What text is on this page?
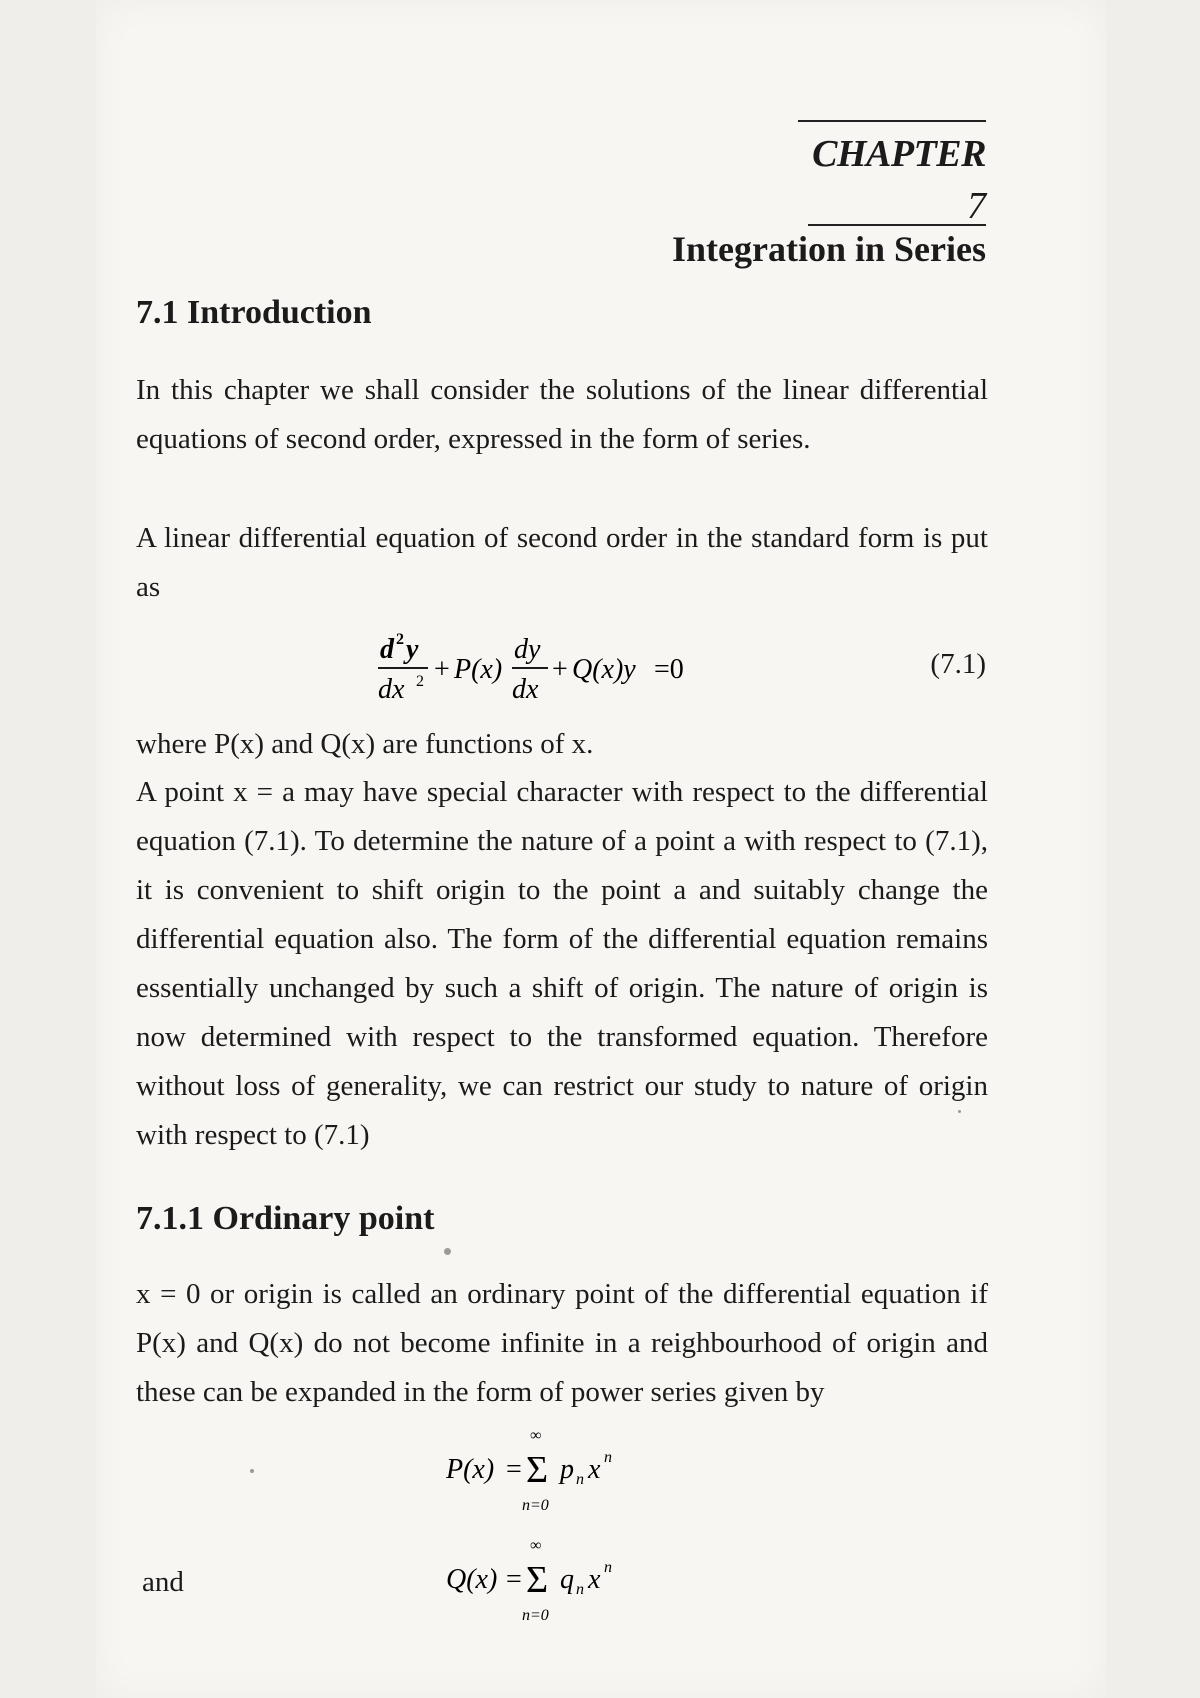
CHAPTER
7
Integration in Series
7.1 Introduction
In this chapter we shall consider the solutions of the linear differential equations of second order, expressed in the form of series.
A linear differential equation of second order in the standard form is put as
d 2 y
dx 2 + P(x)
dy
dx
+ Q(x)y =0	(7.1)
where P(x) and Q(x) are functions of x.
A point x = a may have special character with respect to the differential equation (7.1). To determine the nature of a point a with respect to (7.1), it is convenient to shift origin to the point a and suitably change the differential equation also. The form of the differential equation remains essentially unchanged by such a shift of origin. The nature of origin is now determined with respect to the transformed equation. Therefore without loss of generality, we can restrict our study to nature of origin with respect to (7.1)
7.1.1 Ordinary point
x = 0 or origin is called an ordinary point of the differential equation if P(x) and Q(x) do not become infinite in a reighbourhood of origin and these can be expanded in the form of power series given by
P(x) =
∞
Σ
n=0
p n x n
and	Q(x) =
∞
Σ
n=0
q n x n
